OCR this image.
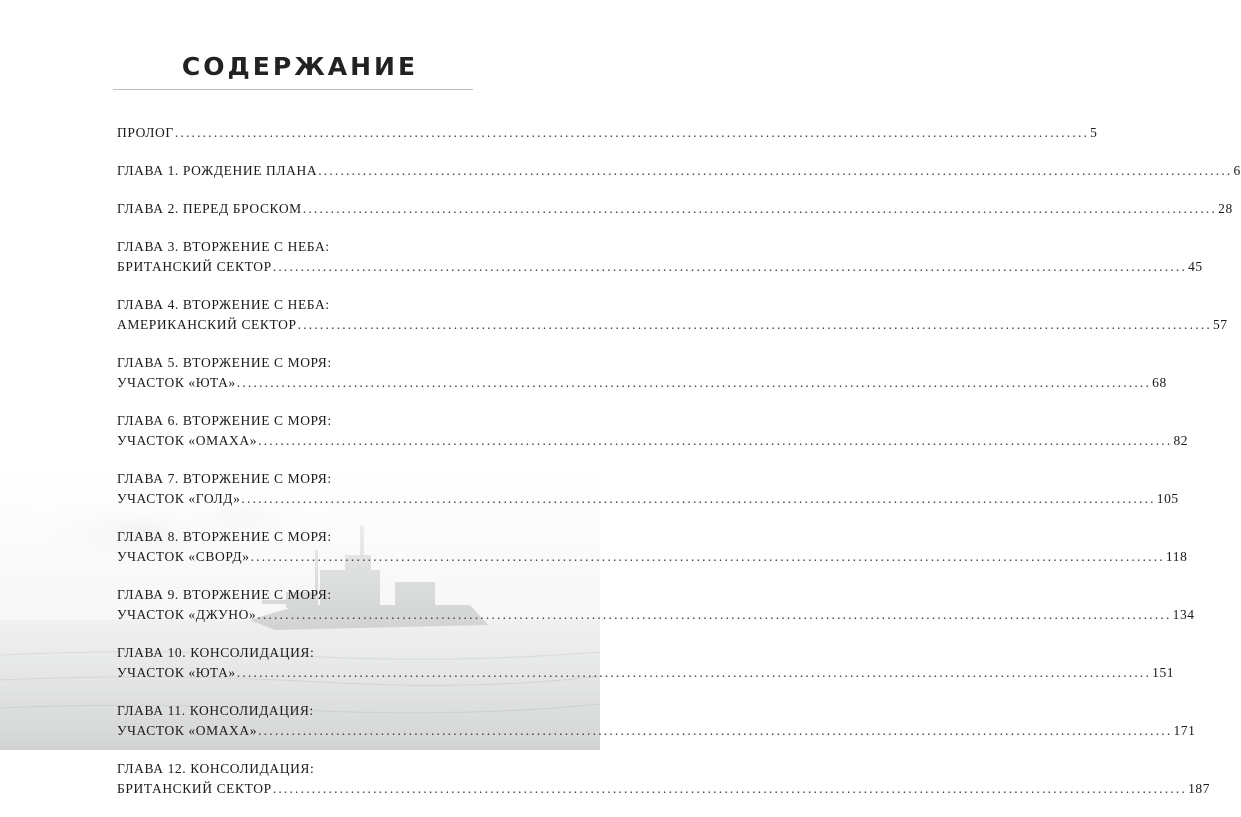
СОДЕРЖАНИЕ
ПРОЛОГ .....	5
ГЛАВА 1. РОЖДЕНИЕ ПЛАНА .....	6
ГЛАВА 2. ПЕРЕД БРОСКОМ .....	28
ГЛАВА 3. ВТОРЖЕНИЕ С НЕБА:
БРИТАНСКИЙ СЕКТОР .....	45
ГЛАВА 4. ВТОРЖЕНИЕ С НЕБА:
АМЕРИКАНСКИЙ СЕКТОР .....	57
ГЛАВА 5. ВТОРЖЕНИЕ С МОРЯ:
УЧАСТОК «ЮТА» .....	68
ГЛАВА 6. ВТОРЖЕНИЕ С МОРЯ:
УЧАСТОК «ОМАХА» .....	82
ГЛАВА 7. ВТОРЖЕНИЕ С МОРЯ:
УЧАСТОК «ГОЛД» .....	105
ГЛАВА 8. ВТОРЖЕНИЕ С МОРЯ:
УЧАСТОК «СВОРД» .....	118
ГЛАВА 9. ВТОРЖЕНИЕ С МОРЯ:
УЧАСТОК «ДЖУНО» .....	134
ГЛАВА 10. КОНСОЛИДАЦИЯ:
УЧАСТОК «ЮТА» .....	151
ГЛАВА 11. КОНСОЛИДАЦИЯ:
УЧАСТОК «ОМАХА» .....	171
ГЛАВА 12. КОНСОЛИДАЦИЯ:
БРИТАНСКИЙ СЕКТОР .....	187
